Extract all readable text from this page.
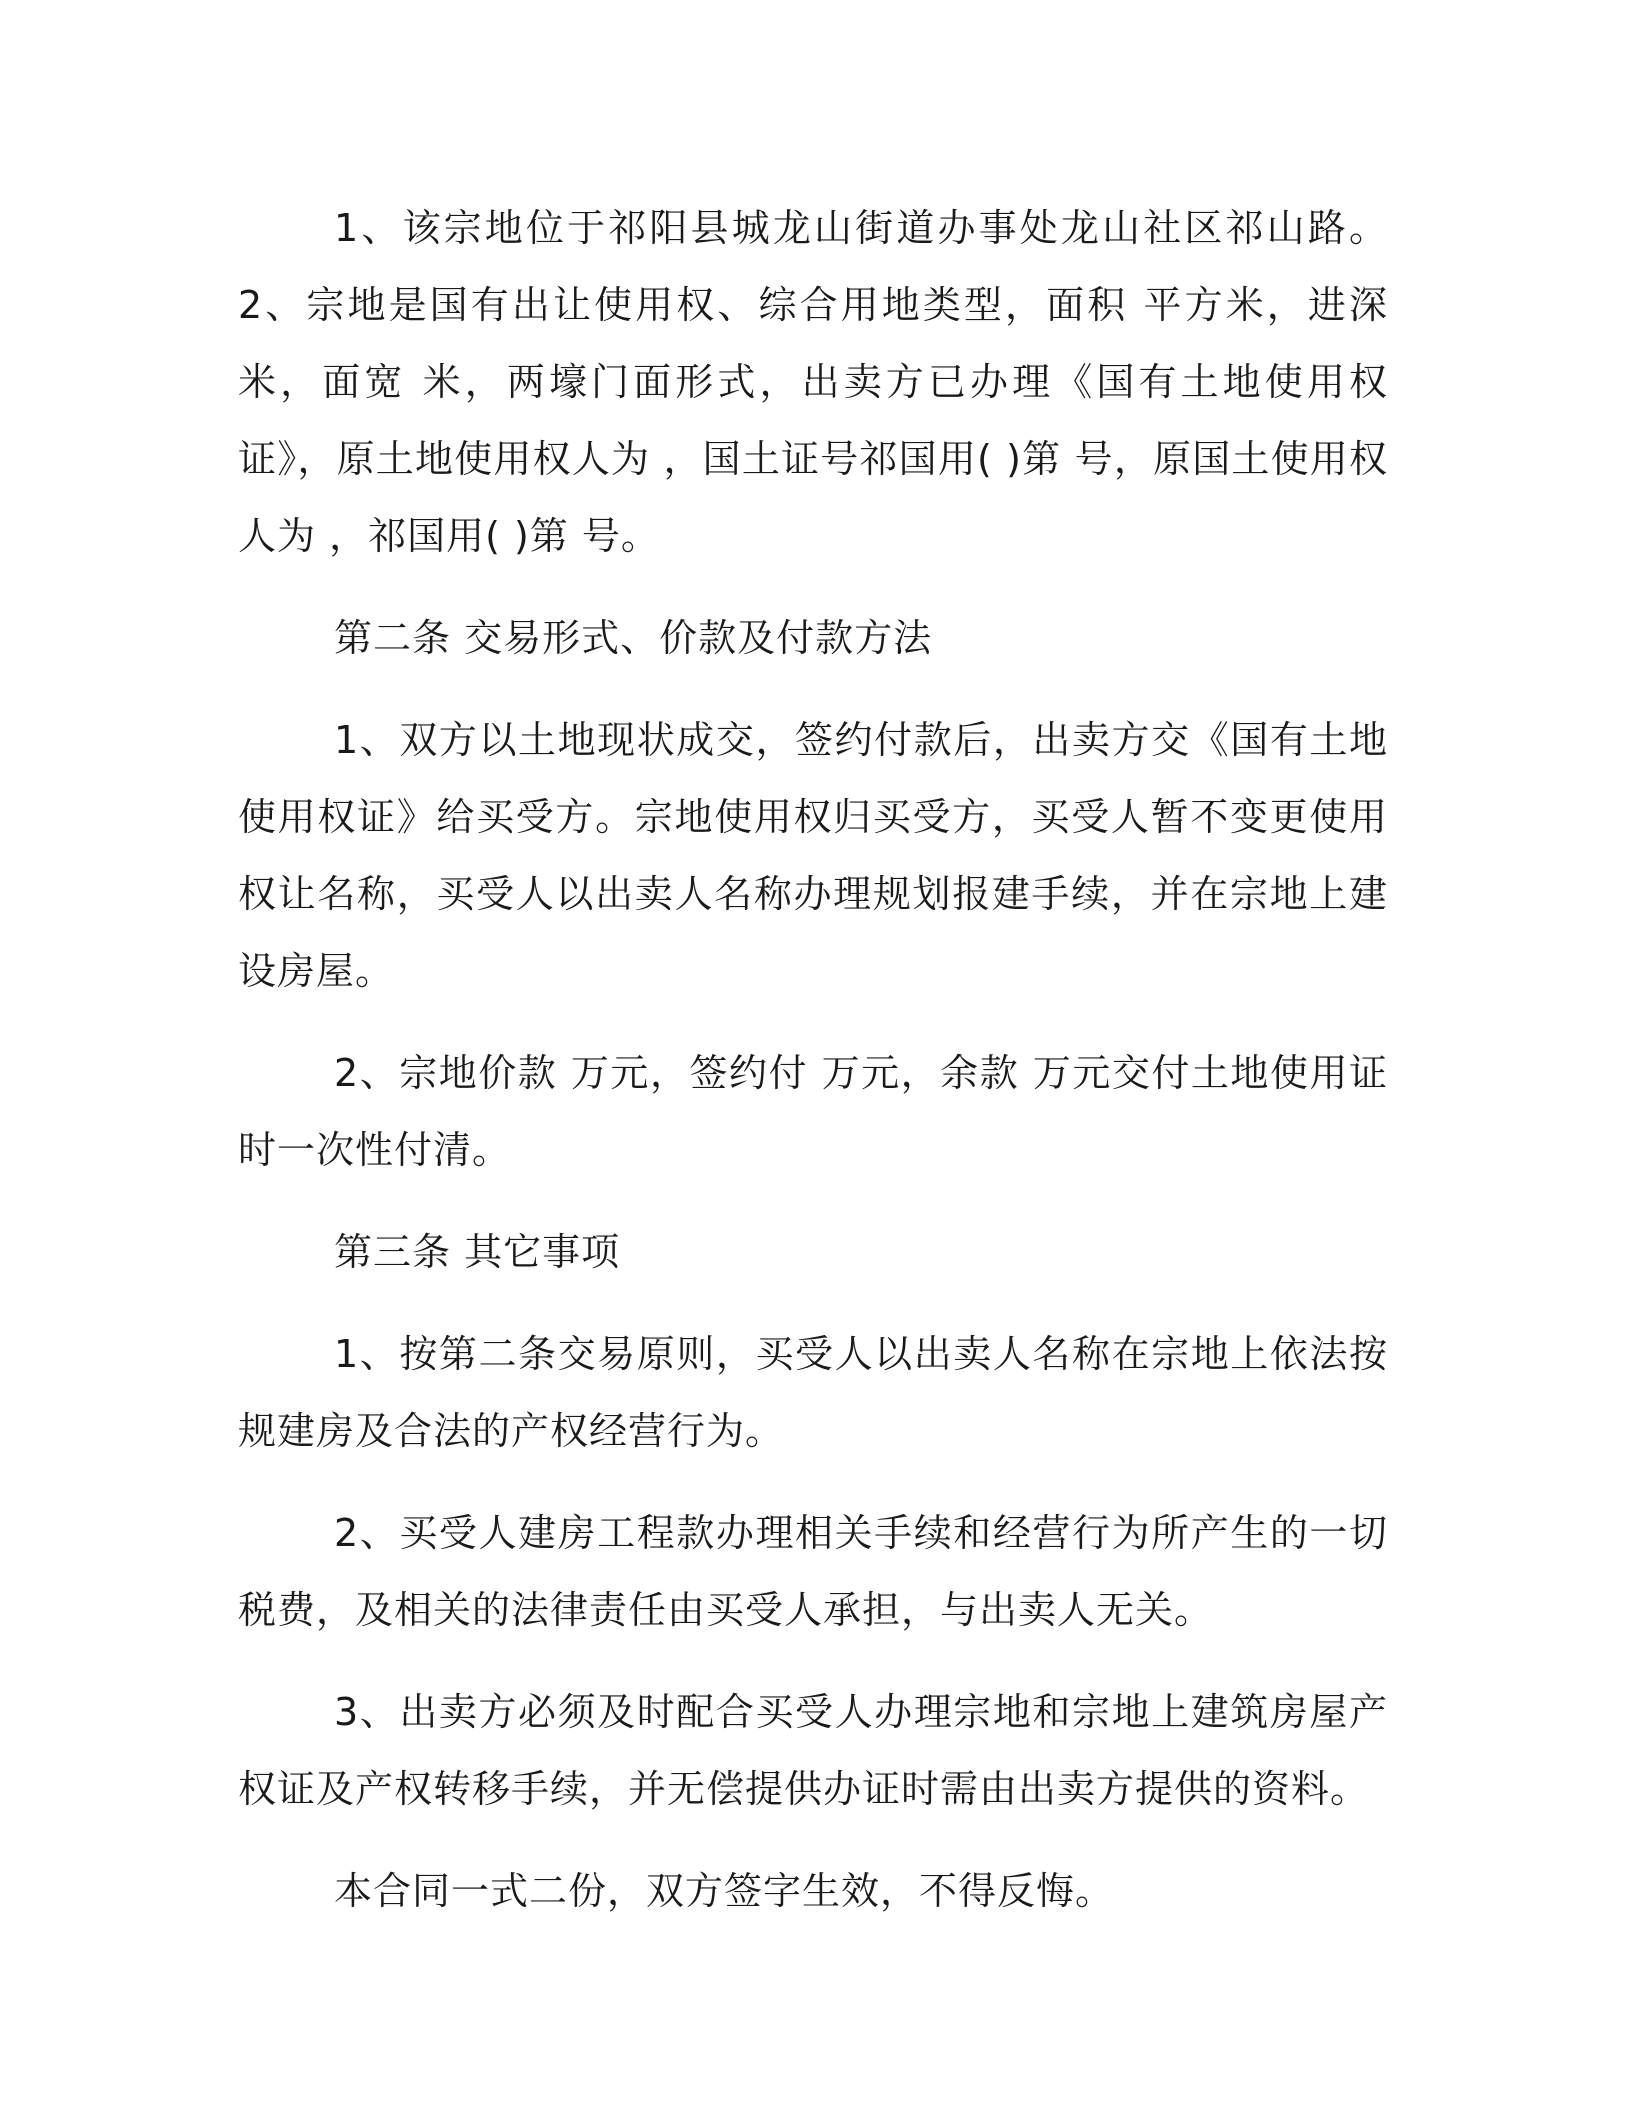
1、该宗地位于祁阳县城龙山街道办事处龙山社区祁山路。 2、宗地是国有出让使用权、综合用地类型，面积 平方米，进深 米，面宽 米，两壕门面形式，出卖方已办理《国有土地使用权证》，原土地使用权人为 ，国土证号祁国用( )第 号，原国土使用权人为 ，祁国用( )第 号。

第二条 交易形式、价款及付款方法

1、双方以土地现状成交，签约付款后，出卖方交《国有土地使用权证》给买受方。宗地使用权归买受方，买受人暂不变更使用权让名称，买受人以出卖人名称办理规划报建手续，并在宗地上建设房屋。

2、宗地价款 万元，签约付 万元，余款 万元交付土地使用证时一次性付清。

第三条 其它事项

1、按第二条交易原则，买受人以出卖人名称在宗地上依法按规建房及合法的产权经营行为。

2、买受人建房工程款办理相关手续和经营行为所产生的一切税费，及相关的法律责任由买受人承担，与出卖人无关。

3、出卖方必须及时配合买受人办理宗地和宗地上建筑房屋产权证及产权转移手续，并无偿提供办证时需由出卖方提供的资料。

本合同一式二份，双方签字生效，不得反悔。
